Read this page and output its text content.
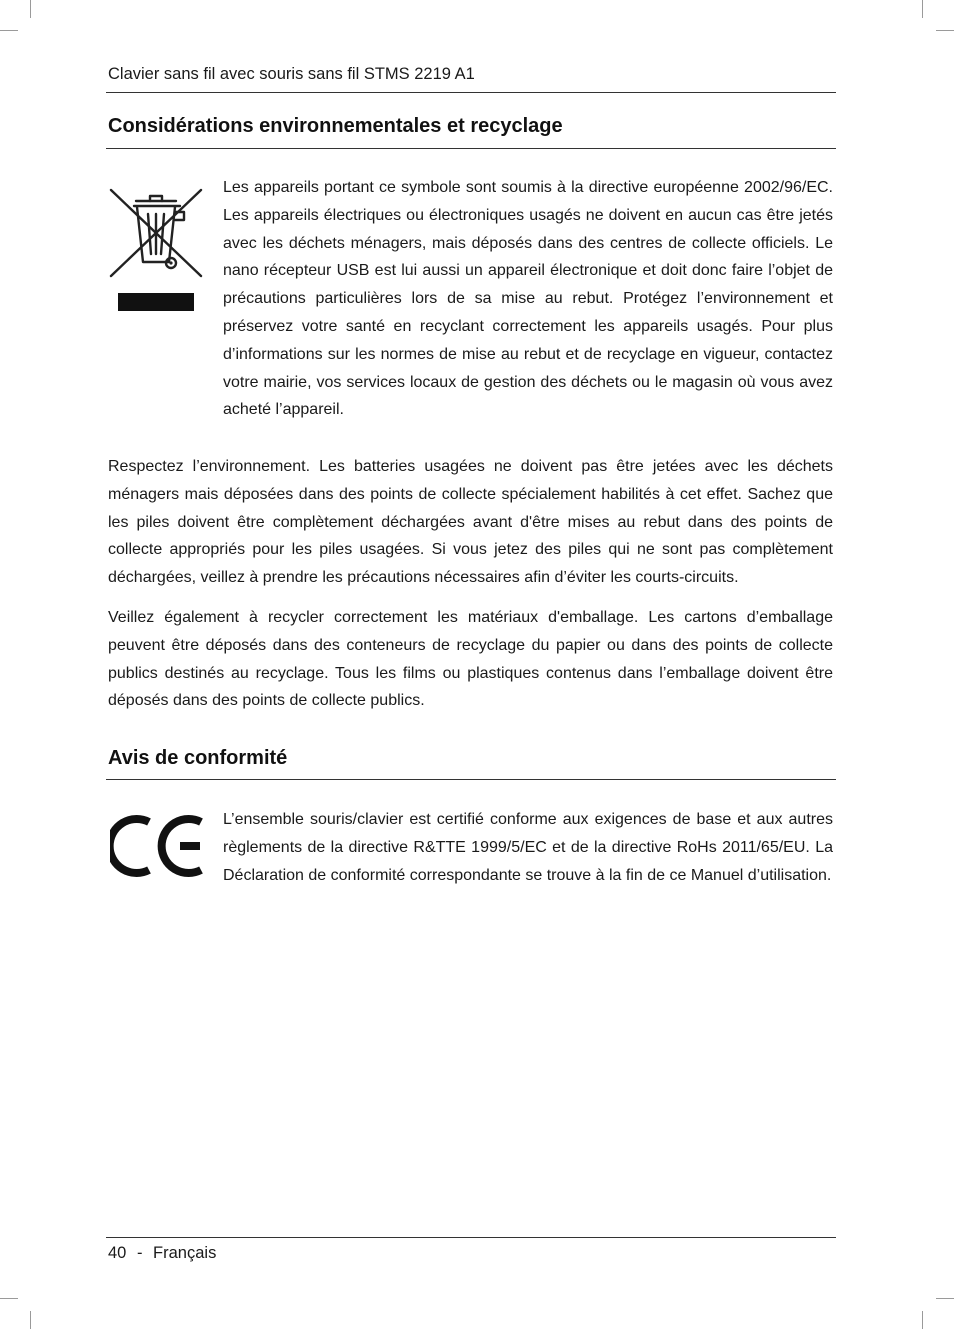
Clavier sans fil avec souris sans fil STMS 2219 A1
Considérations environnementales et recyclage

Les appareils portant ce symbole sont soumis à la directive européenne 2002/96/EC. Les appareils électriques ou électroniques usagés ne doivent en aucun cas être jetés avec les déchets ménagers, mais déposés dans des centres de collecte officiels. Le nano récepteur USB est lui aussi un appareil électronique et doit donc faire l’objet de précautions particulières lors de sa mise au rebut. Protégez l’environnement et préservez votre santé en recyclant correctement les appareils usagés. Pour plus d’informations sur les normes de mise au rebut et de recyclage en vigueur, contactez votre mairie, vos services locaux de gestion des déchets ou le magasin où vous avez acheté l’appareil.

Respectez l’environnement. Les batteries usagées ne doivent pas être jetées avec les déchets ménagers mais déposées dans des points de collecte spécialement habilités à cet effet. Sachez que les piles doivent être complètement déchargées avant d'être mises au rebut dans des points de collecte appropriés pour les piles usagées. Si vous jetez des piles qui ne sont pas complètement déchargées, veillez à prendre les précautions nécessaires afin d’éviter les courts-circuits.

Veillez également à recycler correctement les matériaux d'emballage. Les cartons d’emballage peuvent être déposés dans des conteneurs de recyclage du papier ou dans des points de collecte publics destinés au recyclage. Tous les films ou plastiques contenus dans l’emballage doivent être déposés dans des points de collecte publics.

Avis de conformité

L’ensemble souris/clavier est certifié conforme aux exigences de base et aux autres règlements de la directive R&TTE 1999/5/EC et de la directive RoHs 2011/65/EU. La Déclaration de conformité correspondante se trouve à la fin de ce Manuel d’utilisation.

40 - Français
